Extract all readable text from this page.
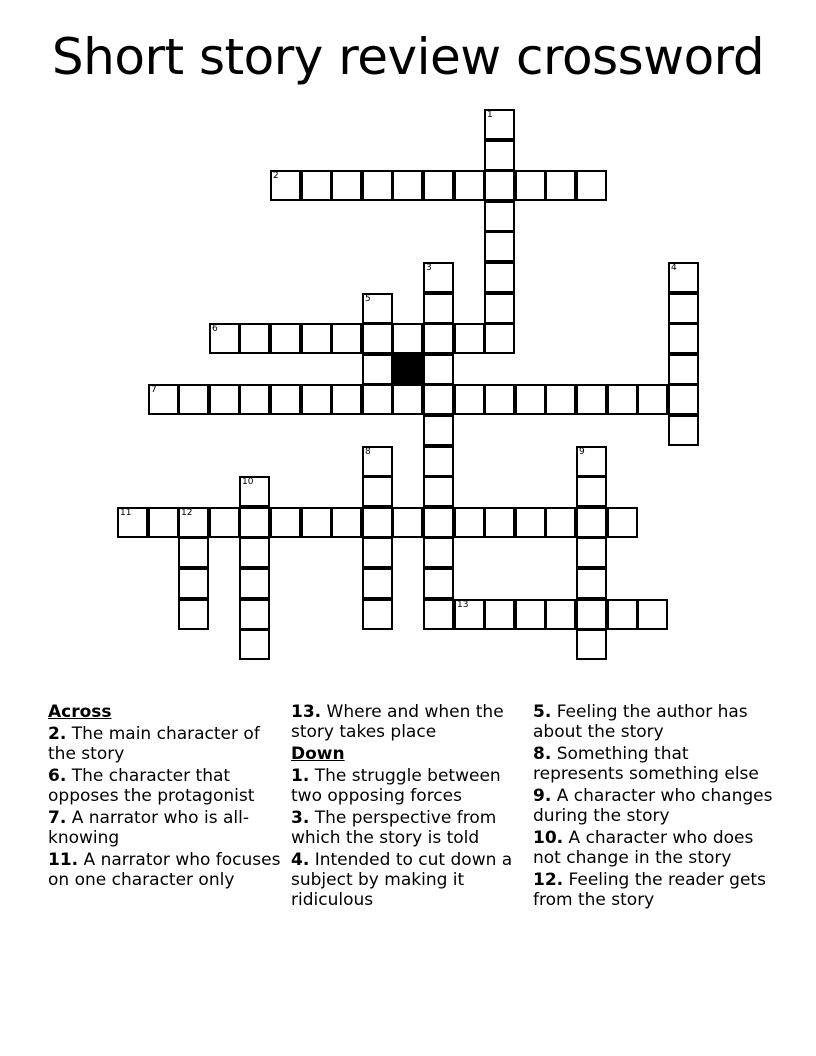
Short story review crossword
2
6
7
11	12
13
1
3	4
5
8	9
10
Across
2. The main character of the story
6. The character that opposes the protagonist
7. A narrator who is all-knowing
11. A narrator who focuses on one character only
13. Where and when the story takes place
Down
1. The struggle between two opposing forces
3. The perspective from which the story is told
4. Intended to cut down a subject by making it ridiculous
5. Feeling the author has about the story
8. Something that represents something else
9. A character who changes during the story
10. A character who does not change in the story
12. Feeling the reader gets from the story
